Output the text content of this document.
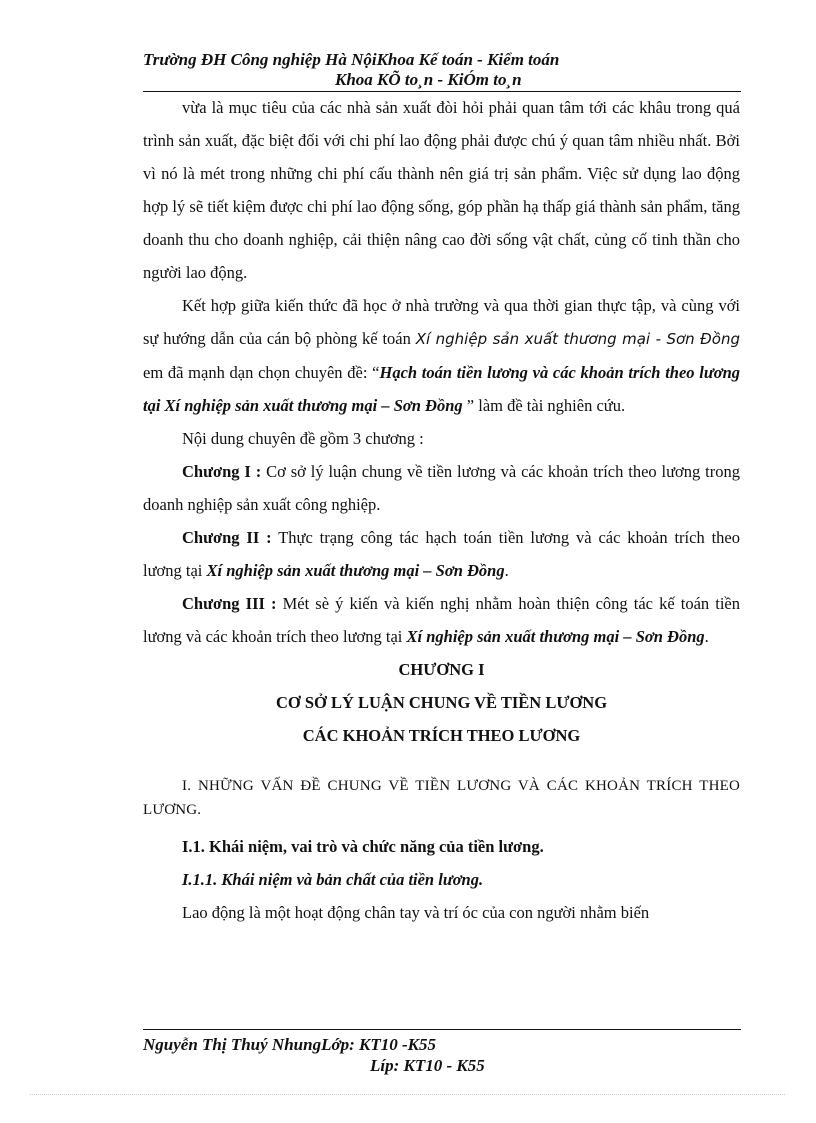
Trường ĐH Công nghiệp Hà NộiKhoa Kế toán - Kiểm toán
Khoa KÕ to¸n - KiÓm to¸n

vừa là mục tiêu của các nhà sản xuất đòi hỏi phải quan tâm tới các khâu trong quá trình sản xuất, đặc biệt đối với chi phí lao động phải được chú ý quan tâm nhiều nhất. Bởi vì nó là mét trong những chi phí cấu thành nên giá trị sản phẩm. Việc sử dụng lao động hợp lý sẽ tiết kiệm được chi phí lao động sống, góp phần hạ thấp giá thành sản phẩm, tăng doanh thu cho doanh nghiệp, cải thiện nâng cao đời sống vật chất, củng cố tinh thần cho người lao động.

Kết hợp giữa kiến thức đã học ở nhà trường và qua thời gian thực tập, và cùng với sự hướng dẫn của cán bộ phòng kế toán Xí nghiệp sản xuất thương mại - Sơn Đồng em đã mạnh dạn chọn chuyên đề: “Hạch toán tiền lương và các khoản trích theo lương tại Xí nghiệp sản xuất thương mại – Sơn Đồng ” làm đề tài nghiên cứu.

Nội dung chuyên đề gồm 3 chương :

Chương I : Cơ sở lý luận chung về tiền lương và các khoản trích theo lương trong doanh nghiệp sản xuất công nghiệp.

Chương II : Thực trạng công tác hạch toán tiền lương và các khoản trích theo lương tại Xí nghiệp sản xuất thương mại – Sơn Đồng.

Chương III : Mét sè ý kiến và kiến nghị nhằm hoàn thiện công tác kế toán tiền lương và các khoản trích theo lương tại Xí nghiệp sản xuất thương mại – Sơn Đồng.

CHƯƠNG I

CƠ SỞ LÝ LUẬN CHUNG VỀ TIỀN LƯƠNG

CÁC KHOẢN TRÍCH THEO LƯƠNG

I. NHỮNG VẤN ĐỀ CHUNG VỀ TIỀN LƯƠNG VÀ CÁC KHOẢN TRÍCH THEO LƯƠNG.

I.1. Khái niệm, vai trò và chức năng của tiền lương.

I.1.1. Khái niệm và bản chất của tiền lương.

Lao động là một hoạt động chân tay và trí óc của con người nhằm biến

Nguyễn Thị Thuý NhungLớp: KT10 -K55
Líp: KT10 - K55
